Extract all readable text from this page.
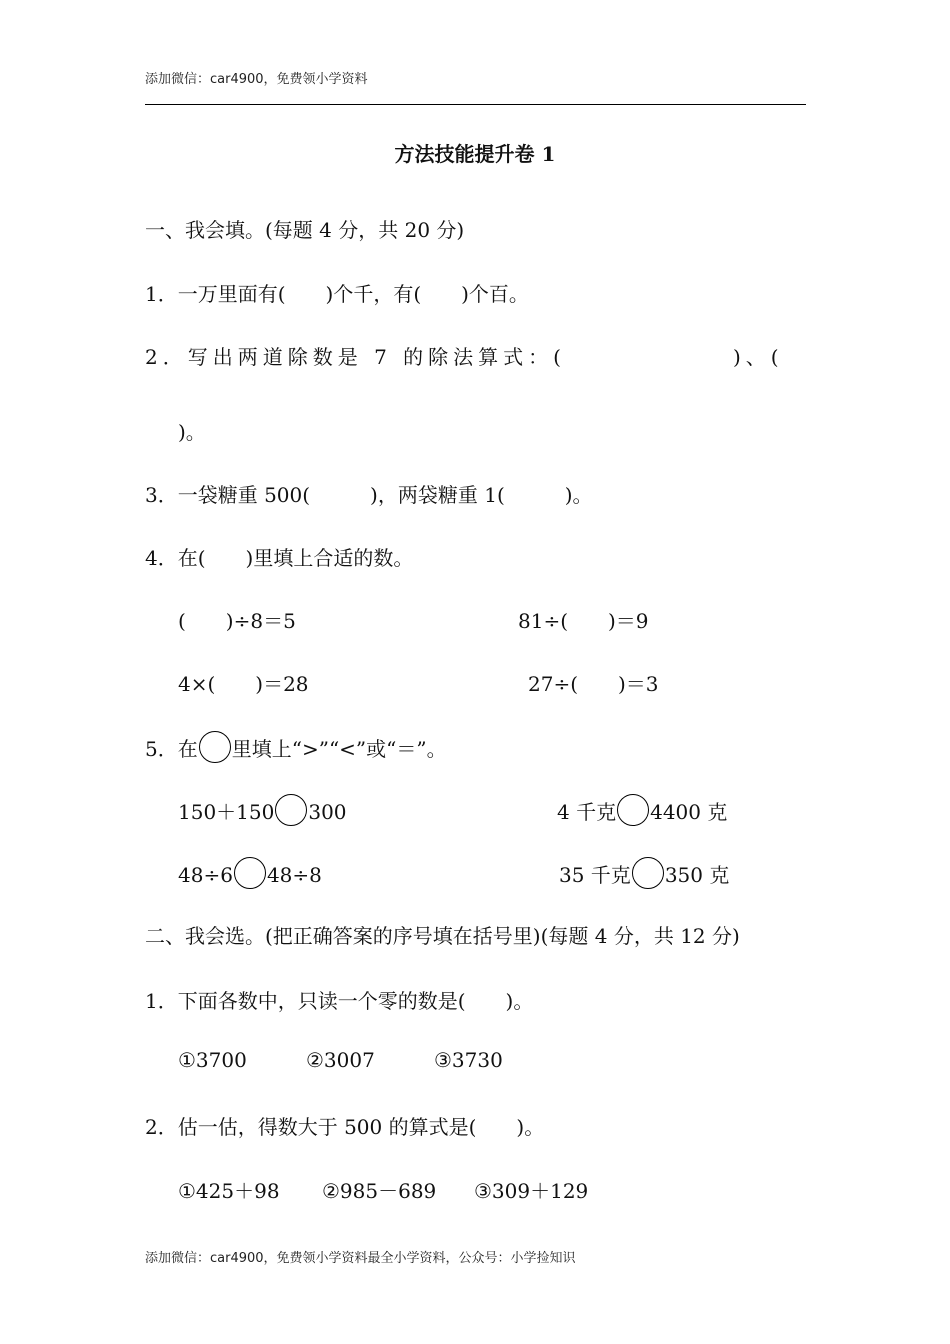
添加微信：car4900，免费领小学资料
方法技能提升卷 1
一、我会填。(每题 4 分，共 20 分)
1．一万里面有(　　)个千，有(　　)个百。
2．写出两道除数是 7 的除法算式：(	)、(
)。
3．一袋糖重 500(　　　)，两袋糖重 1(　　　)。
4．在(　　)里填上合适的数。
(　　)÷8＝5	81÷(　　)＝9
4×(　　)＝28	27÷(　　)＝3
5．在 里填上“>”“<”或“＝”。
150＋150 300	4 千克 4400 克
48÷6 48÷8	35 千克 350 克
二、我会选。(把正确答案的序号填在括号里)(每题 4 分，共 12 分)
1．下面各数中，只读一个零的数是(　　)。
①3700	②3007	③3730
2．估一估，得数大于 500 的算式是(　　)。
①425＋98 ②985－689 ③309＋129
添加微信：car4900，免费领小学资料最全小学资料，公众号：小学捡知识
